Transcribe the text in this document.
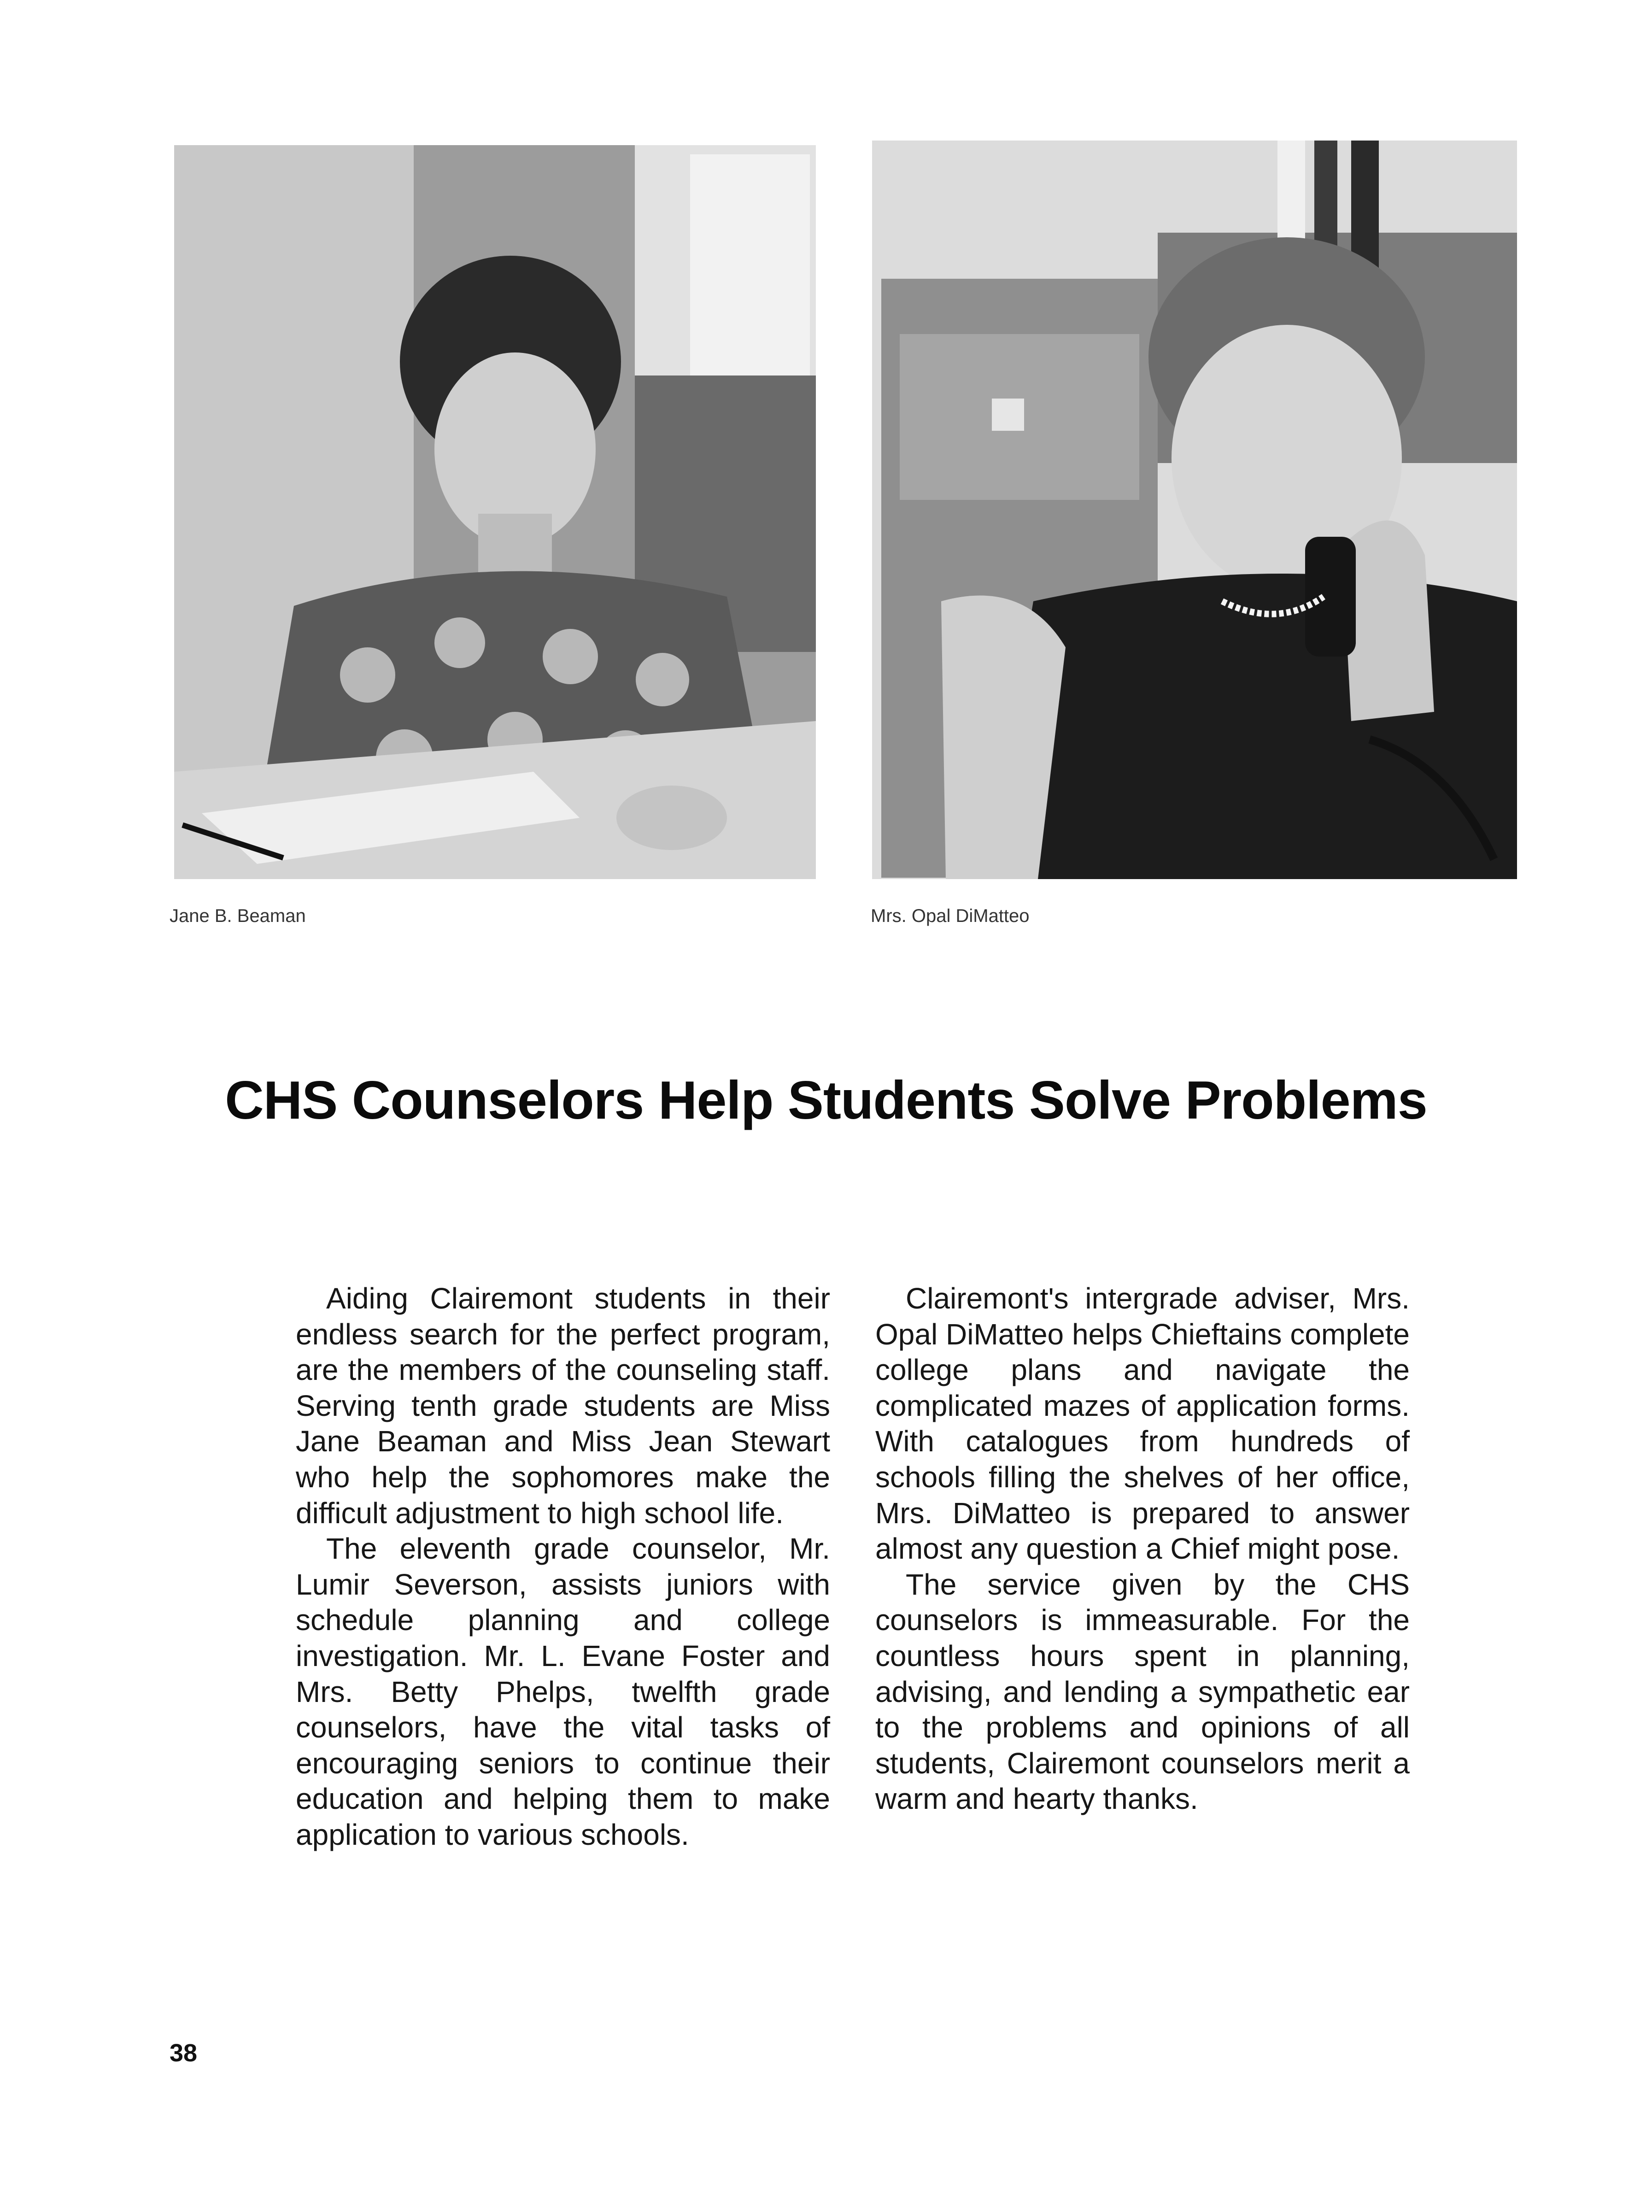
Jane B. Beaman	Mrs. Opal DiMatteo
CHS Counselors Help Students Solve Problems

Aiding Clairemont students in their endless search for the perfect program, are the members of the counseling staff. Serving tenth grade students are Miss Jane Beaman and Miss Jean Stewart who help the sophomores make the difficult adjustment to high school life.

The eleventh grade counselor, Mr. Lumir Severson, assists juniors with schedule planning and college investigation. Mr. L. Evane Foster and Mrs. Betty Phelps, twelfth grade counselors, have the vital tasks of encouraging seniors to continue their education and helping them to make application to various schools.

Clairemont's intergrade adviser, Mrs. Opal DiMatteo helps Chieftains complete college plans and navigate the complicated mazes of application forms. With catalogues from hundreds of schools filling the shelves of her office, Mrs. DiMatteo is prepared to answer almost any question a Chief might pose.

The service given by the CHS counselors is immeasurable. For the countless hours spent in planning, advising, and lending a sympathetic ear to the problems and opinions of all students, Clairemont counselors merit a warm and hearty thanks.

38
